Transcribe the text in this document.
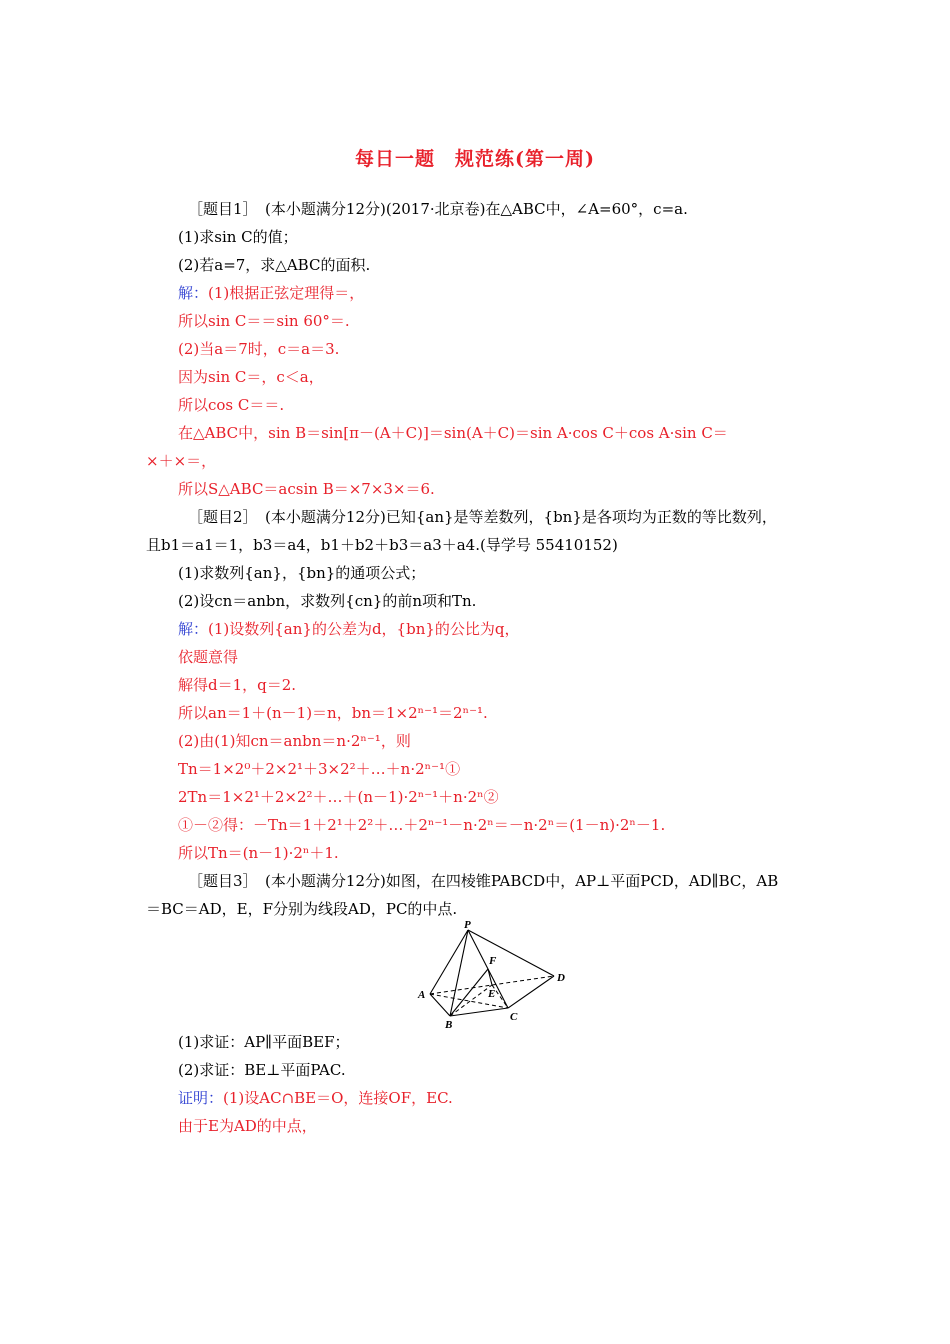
每日一题　规范练(第一周)
［题目1］　(本小题满分12分)(2017·北京卷)在△ABC中，∠A=60°，c=a.
(1)求sin C的值；
(2)若a=7，求△ABC的面积.
解：(1)根据正弦定理得＝，
所以sin C＝＝sin 60°＝.
(2)当a＝7时，c＝a＝3.
因为sin C＝，c＜a，
所以cos C＝＝.
在△ABC中，sin B＝sin[π－(A＋C)]＝sin(A＋C)＝sin A·cos C＋cos A·sin C＝
×＋×＝，
所以S△ABC＝acsin B＝×7×3×＝6.
［题目2］　(本小题满分12分)已知{an}是等差数列，{bn}是各项均为正数的等比数列，
且b1＝a1＝1，b3＝a4，b1＋b2＋b3＝a3＋a4.(导学号 55410152)
(1)求数列{an}，{bn}的通项公式；
(2)设cn＝anbn，求数列{cn}的前n项和Tn.
解：(1)设数列{an}的公差为d，{bn}的公比为q，
依题意得
解得d＝1，q＝2.
所以an＝1＋(n－1)＝n，bn＝1×2ⁿ⁻¹＝2ⁿ⁻¹.
(2)由(1)知cn＝anbn＝n·2ⁿ⁻¹，则
Tn＝1×2⁰＋2×2¹＋3×2²＋…＋n·2ⁿ⁻¹①
2Tn＝1×2¹＋2×2²＋…＋(n－1)·2ⁿ⁻¹＋n·2ⁿ②
①－②得：－Tn＝1＋2¹＋2²＋…＋2ⁿ⁻¹－n·2ⁿ＝－n·2ⁿ＝(1－n)·2ⁿ－1.
所以Tn＝(n－1)·2ⁿ＋1.
［题目3］　(本小题满分12分)如图，在四棱锥PABCD中，AP⊥平面PCD，AD∥BC，AB
＝BC＝AD，E，F分别为线段AD，PC的中点.
P
F
D
A	E
B
C
(1)求证：AP∥平面BEF；
(2)求证：BE⊥平面PAC.
证明：(1)设AC∩BE＝O，连接OF，EC.
由于E为AD的中点，
